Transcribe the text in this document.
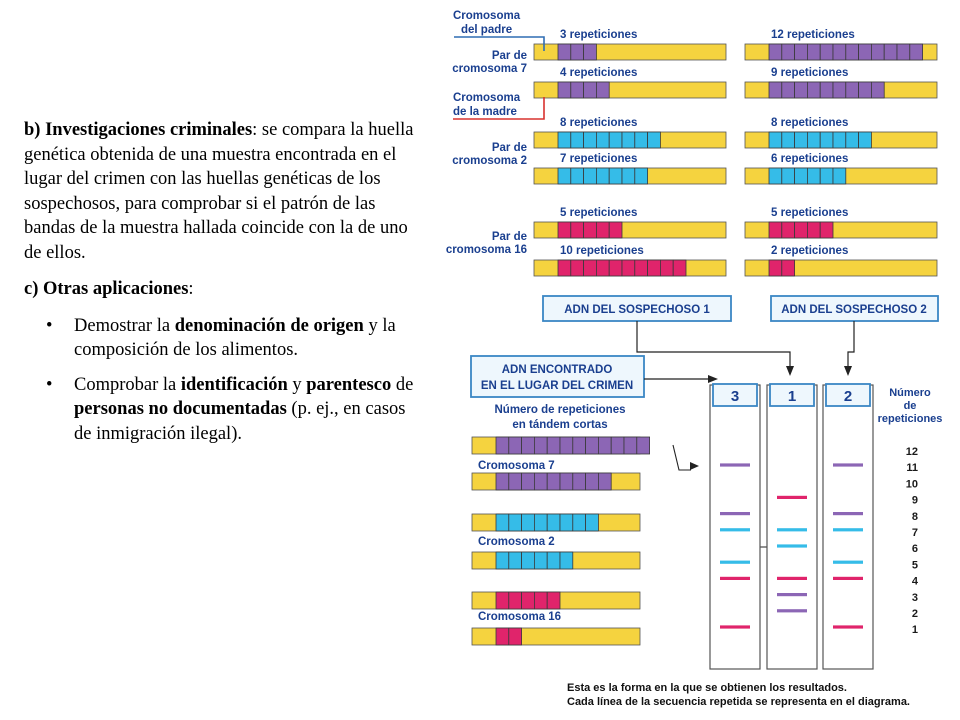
b) Investigaciones criminales: se compara la huella genética obtenida de una muestra encontrada en el lugar del crimen con las huellas genéticas de los sospechosos, para comprobar si el patrón de las bandas de la muestra hallada coincide con la de uno de ellos.

c) Otras aplicaciones:

• Demostrar la denominación de origen y la composición de los alimentos.
• Comprobar la identificación y parentesco de personas no documentadas (p. ej., en casos de inmigración ilegal).
3 repeticiones
4 repeticiones
8 repeticiones
7 repeticiones
5 repeticiones
10 repeticiones
12 repeticiones
9 repeticiones
8 repeticiones
6 repeticiones
5 repeticiones
2 repeticiones
Cromosoma
del padre
Cromosoma
de la madre
Par de
cromosoma 7
Par de
cromosoma 2
Par de
cromosoma 16
ADN DEL SOSPECHOSO 1	ADN DEL SOSPECHOSO 2
ADN ENCONTRADO
EN EL LUGAR DEL CRIMEN
Número de repeticiones
en tándem cortas
Cromosoma 7
Cromosoma 2
Cromosoma 16
3	1	2	Número
de
repeticiones
12
11
10
9
8
7
6
5
4
3
2
1
Esta es la forma en la que se obtienen los resultados.
Cada línea de la secuencia repetida se representa en el diagrama.
